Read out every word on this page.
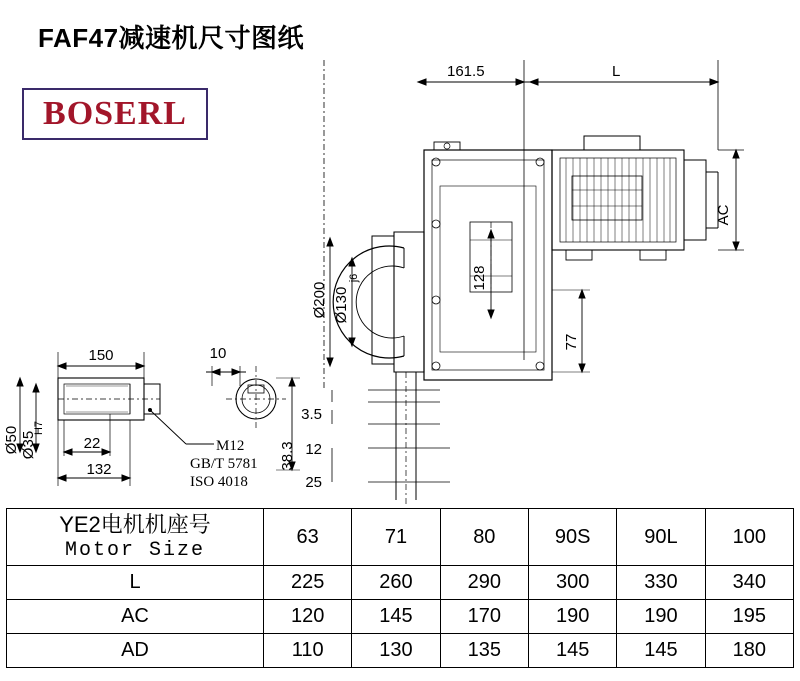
FAF47减速机尺寸图纸
BOSERL
161.5	L
AC
128
Ø200 Ø130
j6
77
3.5
12
25
150	10
22
132	38.3
Ø50 Ø35
H7
M12
GB/T 5781
ISO 4018
YE2电机机座号
Motor Size	63	71	80	90S	90L	100
L	225	260	290	300	330	340
AC	120	145	170	190	190	195
AD	110	130	135	145	145	180
